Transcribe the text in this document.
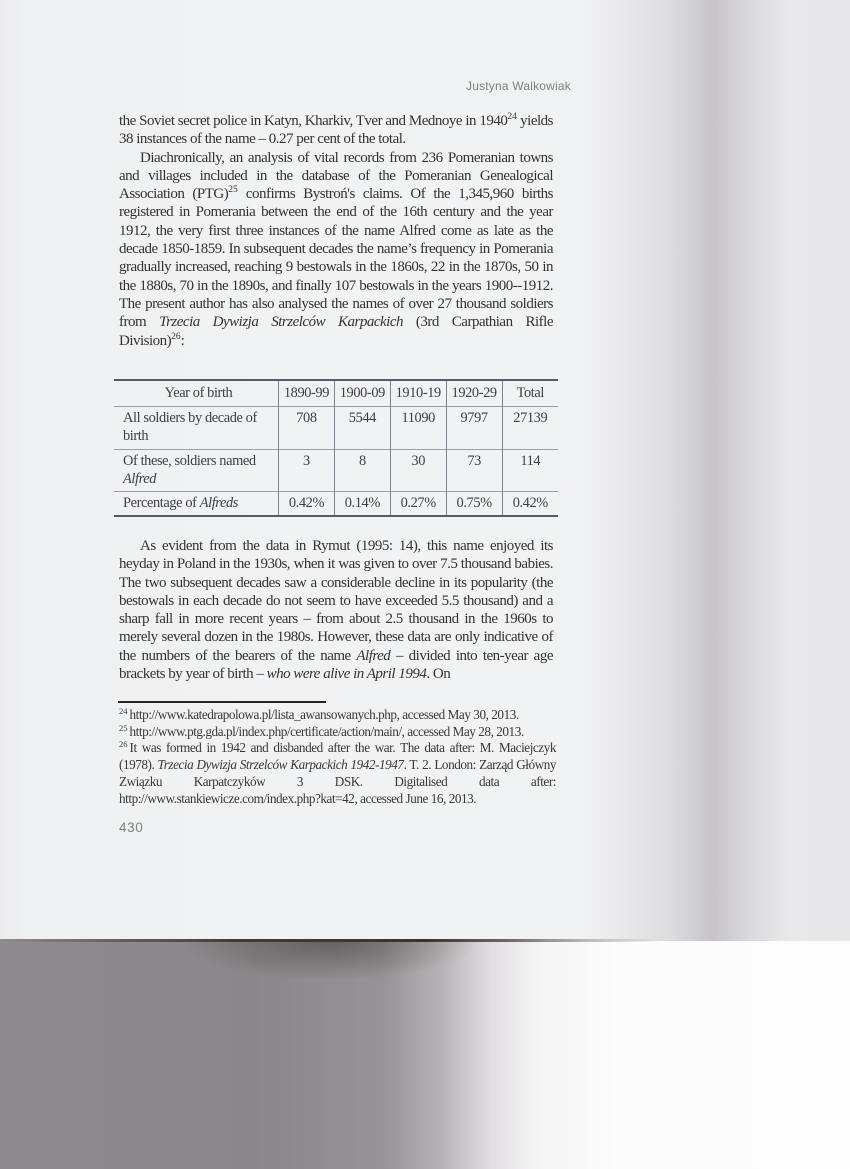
Justyna Walkowiak

the Soviet secret police in Katyn, Kharkiv, Tver and Mednoye in 1940$^{24}$ yields 38 instances of the name – 0.27 per cent of the total.

Diachronically, an analysis of vital records from 236 Pomeranian towns and villages included in the database of the Pomeranian Genealogical Association (PTG)$^{25}$ confirms Bystroń's claims. Of the 1,345,960 births registered in Pomerania between the end of the 16th century and the year 1912, the very first three instances of the name Alfred come as late as the decade 1850-1859. In subsequent decades the name’s frequency in Pomerania gradually increased, reaching 9 bestowals in the 1860s, 22 in the 1870s, 50 in the 1880s, 70 in the 1890s, and finally 107 bestowals in the years 1900--1912. The present author has also analysed the names of over 27 thousand soldiers from Trzecia Dywizja Strzelców Karpackich (3rd Carpathian Rifle Division)$^{26}$:

Year of birth	1890-99	1900-09	1910-19	1920-29	Total
All soldiers by decade of birth	708	5544	11090	9797	27139
Of these, soldiers named Alfred	3	8	30	73	114
Percentage of Alfreds	0.42%	0.14%	0.27%	0.75%	0.42%

As evident from the data in Rymut (1995: 14), this name enjoyed its heyday in Poland in the 1930s, when it was given to over 7.5 thousand babies. The two subsequent decades saw a considerable decline in its popularity (the bestowals in each decade do not seem to have exceeded 5.5 thousand) and a sharp fall in more recent years – from about 2.5 thousand in the 1960s to merely several dozen in the 1980s. However, these data are only indicative of the numbers of the bearers of the name Alfred – divided into ten-year age brackets by year of birth – who were alive in April 1994. On

$^{24}$ http://www.katedrapolowa.pl/lista_awansowanych.php, accessed May 30, 2013.
$^{25}$ http://www.ptg.gda.pl/index.php/certificate/action/main/, accessed May 28, 2013.
$^{26}$ It was formed in 1942 and disbanded after the war. The data after: M. Maciejczyk (1978). Trzecia Dywizja Strzelców Karpackich 1942-1947. T. 2. London: Zarząd Główny Związku Karpatczyków 3 DSK. Digitalised data after: http://www.stankiewicze.com/index.php?kat=42, accessed June 16, 2013.
430
